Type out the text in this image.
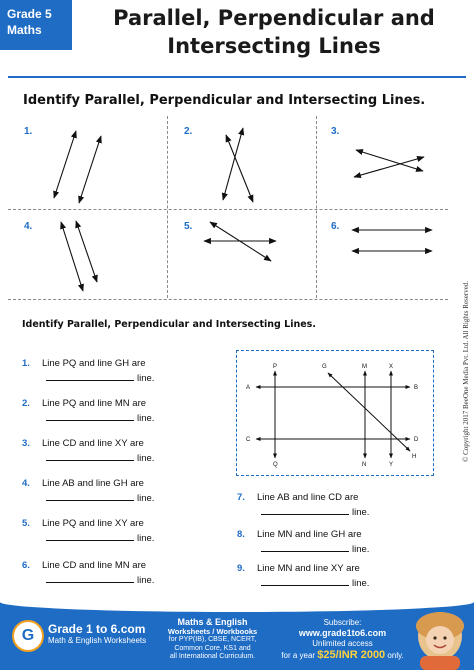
Grade 5
Maths	Parallel, Perpendicular and
Intersecting Lines
Identify Parallel, Perpendicular and Intersecting Lines.
1.	2.	3.
4.	5.	6.
Identify Parallel, Perpendicular and Intersecting Lines.
1. Line PQ and line GH are
line.
2. Line PQ and line MN are
line.
3. Line CD and line XY are
line.
4. Line AB and line GH are
line.
5. Line PQ and line XY are
line.
6. Line CD and line MN are
line.
7. Line AB and line CD are
line.
8. Line MN and line GH are
line.
9. Line MN and line XY are
line.
P
Q
G
H
M
N
X
Y
A	B
C	D	© Copyright 2017 BeeOne Media Pvt. Ltd. All Rights Reserved.
G	Grade 1 to 6.com
Math & English Worksheets
Maths & English
Worksheets / Workbooks
for PYP(IB), CBSE, NCERT,
Common Core, KS1 and
all International Curriculum.
Subscribe:
www.grade1to6.com
Unlimited access
for a year $25/INR 2000 only.
